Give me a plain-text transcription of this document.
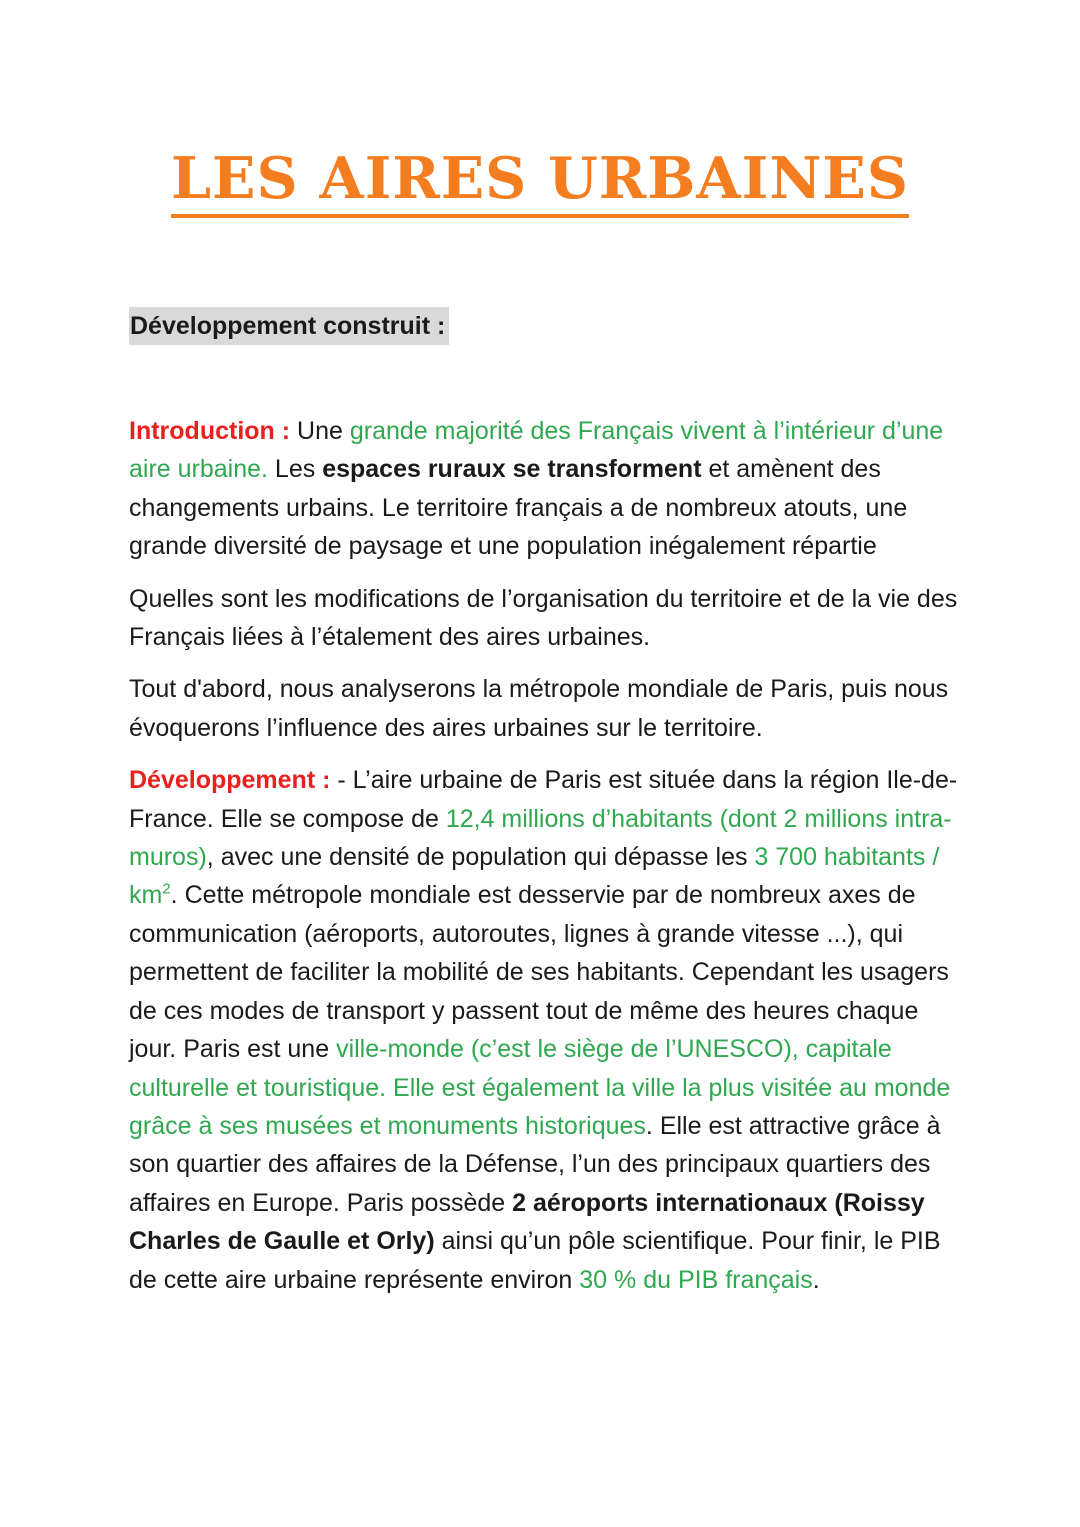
LES AIRES URBAINES
Développement construit :

Introduction : Une grande majorité des Français vivent à l’intérieur d’une aire urbaine. Les espaces ruraux se transforment et amènent des changements urbains. Le territoire français a de nombreux atouts, une grande diversité de paysage et une population inégalement répartie

Quelles sont les modifications de l’organisation du territoire et de la vie des Français liées à l’étalement des aires urbaines.

Tout d'abord, nous analyserons la métropole mondiale de Paris, puis nous évoquerons l’influence des aires urbaines sur le territoire.

Développement : - L’aire urbaine de Paris est située dans la région Ile-de-France. Elle se compose de 12,4 millions d’habitants (dont 2 millions intra-muros), avec une densité de population qui dépasse les 3 700 habitants / $km^2$. Cette métropole mondiale est desservie par de nombreux axes de communication (aéroports, autoroutes, lignes à grande vitesse ...), qui permettent de faciliter la mobilité de ses habitants. Cependant les usagers de ces modes de transport y passent tout de même des heures chaque jour. Paris est une ville-monde (c’est le siège de l’UNESCO), capitale culturelle et touristique. Elle est également la ville la plus visitée au monde grâce à ses musées et monuments historiques. Elle est attractive grâce à son quartier des affaires de la Défense, l’un des principaux quartiers des affaires en Europe. Paris possède 2 aéroports internationaux (Roissy Charles de Gaulle et Orly) ainsi qu’un pôle scientifique. Pour finir, le PIB de cette aire urbaine représente environ 30 % du PIB français.
